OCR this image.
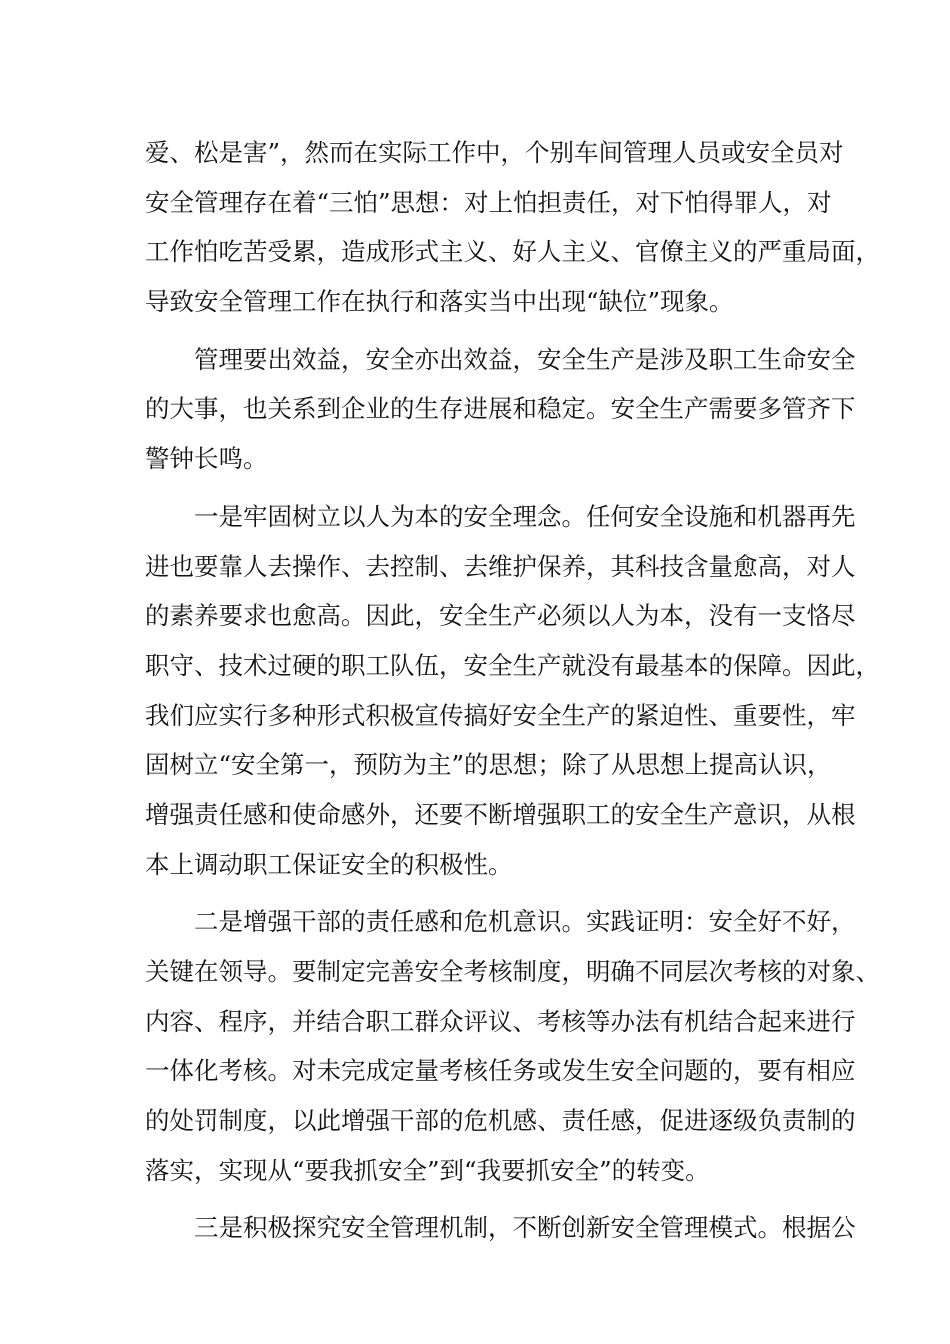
爱、松是害”，然而在实际工作中，个别车间管理人员或安全员对
安全管理存在着“三怕”思想：对上怕担责任，对下怕得罪人，对
工作怕吃苦受累，造成形式主义、好人主义、官僚主义的严重局面，
导致安全管理工作在执行和落实当中出现“缺位”现象。
管理要出效益，安全亦出效益，安全生产是涉及职工生命安全
的大事，也关系到企业的生存进展和稳定。安全生产需要多管齐下
警钟长鸣。
一是牢固树立以人为本的安全理念。任何安全设施和机器再先
进也要靠人去操作、去控制、去维护保养，其科技含量愈高，对人
的素养要求也愈高。因此，安全生产必须以人为本，没有一支恪尽
职守、技术过硬的职工队伍，安全生产就没有最基本的保障。因此，
我们应实行多种形式积极宣传搞好安全生产的紧迫性、重要性，牢
固树立“安全第一，预防为主”的思想；除了从思想上提高认识，
增强责任感和使命感外，还要不断增强职工的安全生产意识，从根
本上调动职工保证安全的积极性。
二是增强干部的责任感和危机意识。实践证明：安全好不好，
关键在领导。要制定完善安全考核制度，明确不同层次考核的对象、
内容、程序，并结合职工群众评议、考核等办法有机结合起来进行
一体化考核。对未完成定量考核任务或发生安全问题的，要有相应
的处罚制度，以此增强干部的危机感、责任感，促进逐级负责制的
落实，实现从“要我抓安全”到“我要抓安全”的转变。
三是积极探究安全管理机制，不断创新安全管理模式。根据公
